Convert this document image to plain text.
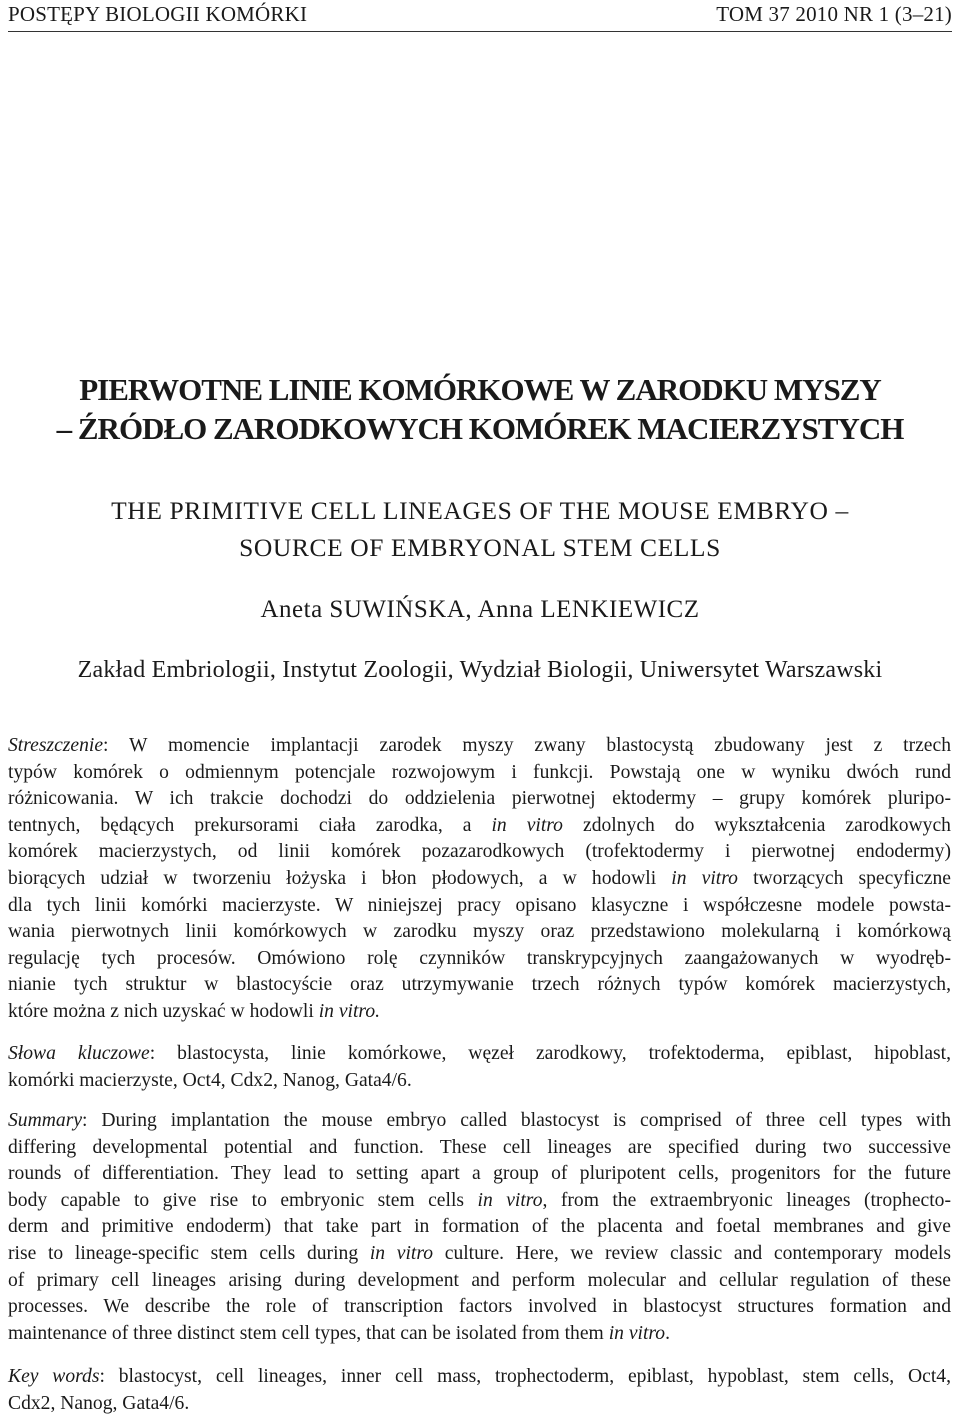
POSTĘPY BIOLOGII KOMÓRKI	TOM 37 2010 NR 1 (3–21)
PIERWOTNE LINIE KOMÓRKOWE W ZARODKU MYSZY
– ŹRÓDŁO ZARODKOWYCH KOMÓREK MACIERZYSTYCH
THE PRIMITIVE CELL LINEAGES OF THE MOUSE EMBRYO –
SOURCE OF EMBRYONAL STEM CELLS
Aneta SUWIŃSKA, Anna LENKIEWICZ
Zakład Embriologii, Instytut Zoologii, Wydział Biologii, Uniwersytet Warszawski
Streszczenie: W momencie implantacji zarodek myszy zwany blastocystą zbudowany jest z trzech
typów komórek o odmiennym potencjale rozwojowym i funkcji. Powstają one w wyniku dwóch rund
różnicowania. W ich trakcie dochodzi do oddzielenia pierwotnej ektodermy – grupy komórek pluripo-
tentnych, będących prekursorami ciała zarodka, a in vitro zdolnych do wykształcenia zarodkowych
komórek macierzystych, od linii komórek pozazarodkowych (trofektodermy i pierwotnej endodermy)
biorących udział w tworzeniu łożyska i błon płodowych, a w hodowli in vitro tworzących specyficzne
dla tych linii komórki macierzyste. W niniejszej pracy opisano klasyczne i współczesne modele powsta-
wania pierwotnych linii komórkowych w zarodku myszy oraz przedstawiono molekularną i komórkową
regulację tych procesów. Omówiono rolę czynników transkrypcyjnych zaangażowanych w wyodręb-
nianie tych struktur w blastocyście oraz utrzymywanie trzech różnych typów komórek macierzystych,
które można z nich uzyskać w hodowli in vitro.
Słowa kluczowe: blastocysta, linie komórkowe, węzeł zarodkowy, trofektoderma, epiblast, hipoblast,
komórki macierzyste, Oct4, Cdx2, Nanog, Gata4/6.
Summary: During implantation the mouse embryo called blastocyst is comprised of three cell types with
differing developmental potential and function. These cell lineages are specified during two successive
rounds of differentiation. They lead to setting apart a group of pluripotent cells, progenitors for the future
body capable to give rise to embryonic stem cells in vitro, from the extraembryonic lineages (trophecto-
derm and primitive endoderm) that take part in formation of the placenta and foetal membranes and give
rise to lineage-specific stem cells during in vitro culture. Here, we review classic and contemporary models
of primary cell lineages arising during development and perform molecular and cellular regulation of these
processes. We describe the role of transcription factors involved in blastocyst structures formation and
maintenance of three distinct stem cell types, that can be isolated from them in vitro.
Key words: blastocyst, cell lineages, inner cell mass, trophectoderm, epiblast, hypoblast, stem cells, Oct4,
Cdx2, Nanog, Gata4/6.
